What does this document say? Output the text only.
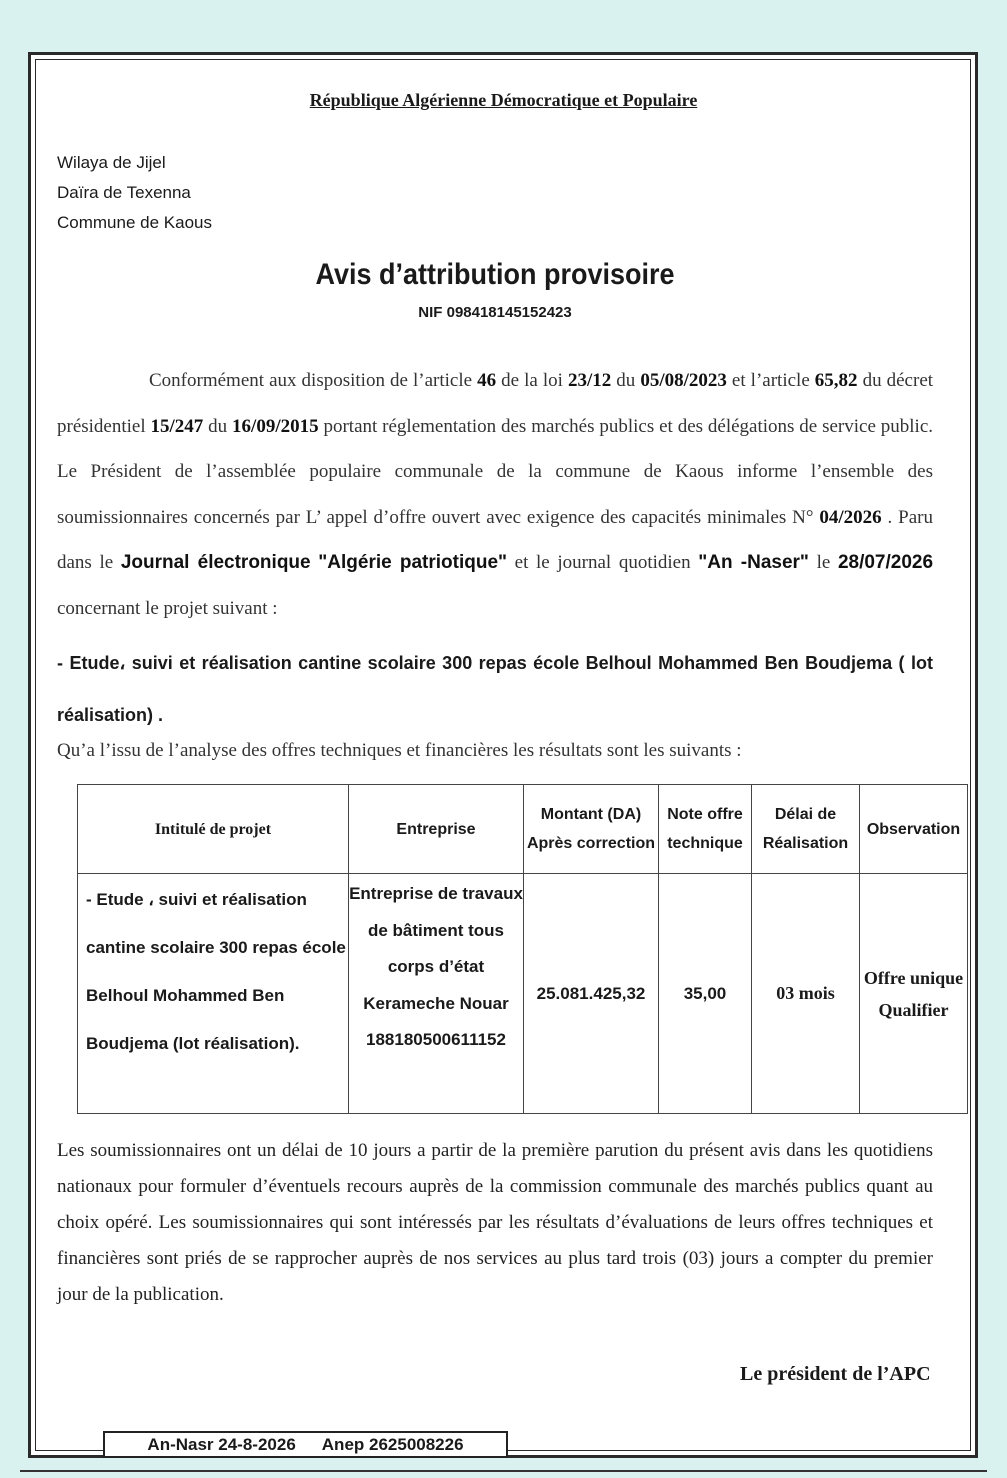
République Algérienne Démocratique et Populaire
Wilaya de Jijel
Daïra de Texenna
Commune de Kaous
Avis d’attribution provisoire
NIF 098418145152423

Conformément aux disposition de l’article 46 de la loi 23/12 du 05/08/2023 et l’article 65,82 du décret présidentiel 15/247 du 16/09/2015 portant réglementation des marchés publics et des délégations de service public. Le Président de l’assemblée populaire communale de la commune de Kaous informe l’ensemble des soumissionnaires concernés par L’ appel d’offre ouvert avec exigence des capacités minimales N° 04/2026 . Paru dans le Journal électronique "Algérie patriotique" et le journal quotidien "An -Naser" le 28/07/2026 concernant le projet suivant :

- Etude، suivi et réalisation cantine scolaire 300 repas école Belhoul Mohammed Ben Boudjema ( lot réalisation) .
Qu’a l’issu de l’analyse des offres techniques et financières les résultats sont les suivants :
Intitulé de projet	Entreprise	Montant (DA) Après correction	Note offre technique	Délai de Réalisation	Observation
- Etude ، suivi et réalisation cantine scolaire 300 repas école Belhoul Mohammed Ben Boudjema (lot réalisation).	Entreprise de travaux de bâtiment tous corps d’état Kerameche Nouar 188180500611152	25.081.425,32	35,00	03 mois	Offre unique Qualifier
Les soumissionnaires ont un délai de 10 jours a partir de la première parution du présent avis dans les quotidiens nationaux pour formuler d’éventuels recours auprès de la commission communale des marchés publics quant au choix opéré. Les soumissionnaires qui sont intéressés par les résultats d’évaluations de leurs offres techniques et financières sont priés de se rapprocher auprès de nos services au plus tard trois (03) jours a compter du premier jour de la publication.
Le président de l’APC
An-Nasr 24-8-2026 Anep 2625008226
